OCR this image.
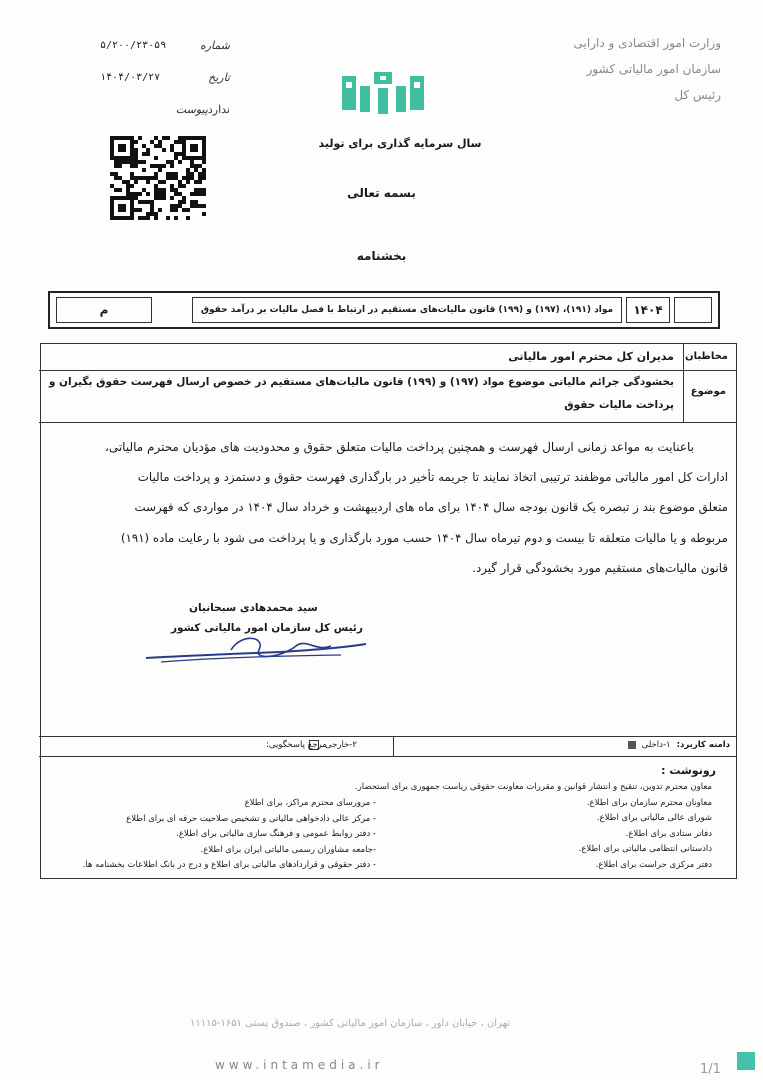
وزارت امور اقتصادی و دارایی
سازمان امور مالیاتی کشور
رئیس کل
۵/۲۰۰/۲۳۰۵۹	شماره
۱۴۰۴/۰۳/۲۷	تاریخ
پیوست ندارد
سال سرمایه گذاری برای تولید
بسمه تعالی
بخشنامه
۱۴۰۴
مواد (۱۹۱)، (۱۹۷) و (۱۹۹) قانون مالیات‌های مستقیم در ارتباط با فصل مالیات بر درآمد حقوق
م
مخاطبان
مدیران کل محترم امور مالیاتی
موضوع
بخشودگی جرائم مالیاتی موضوع مواد (۱۹۷) و (۱۹۹) قانون مالیات‌های مستقیم در خصوص ارسال فهرست حقوق بگیران و
پرداخت مالیات حقوق
باعنایت به مواعد زمانی ارسال فهرست و همچنین پرداخت مالیات متعلق حقوق و محدودیت های مؤدیان محترم مالیاتی،
ادارات کل امور مالیاتی موظفند ترتیبی اتخاذ نمایند تا جریمه تأخیر در بارگذاری فهرست حقوق و دستمزد و پرداخت مالیات
متعلق موضوع بند ز تبصره یک قانون بودجه سال ۱۴۰۴ برای ماه های اردیبهشت و خرداد سال ۱۴۰۴ در مواردی که فهرست
مربوطه و یا مالیات متعلقه تا بیست و دوم تیرماه سال ۱۴۰۴ حسب مورد بارگذاری و یا پرداخت می شود با رعایت ماده (۱۹۱)
قانون مالیات‌های مستقیم مورد بخشودگی قرار گیرد.
سید محمدهادی سبحانیان
رئیس کل سازمان امور مالیاتی کشور
دامنه کاربرد:
۱-داخلی
۲-خارجی
مرجع پاسخگویی:
رونوشت :
معاون محترم تدوین، تنقیح و انتشار قوانین و مقررات معاونت حقوقی ریاست جمهوری برای استحضار.
معاونان محترم سازمان برای اطلاع.
شورای عالی مالیاتی برای اطلاع.
دفاتر ستادی برای اطلاع.
دادستانی انتظامی مالیاتی برای اطلاع.
دفتر مرکزی حراست برای اطلاع.
- مرورسای محترم مراکز، برای اطلاع
- مرکز عالی دادخواهی مالیاتی و تشخیص صلاحیت حرفه ای برای اطلاع
- دفتر روابط عمومی و فرهنگ سازی مالیاتی برای اطلاع.
-جامعه مشاوران رسمی مالیاتی ایران برای اطلاع.
- دفتر حقوقی و قراردادهای مالیاتی برای اطلاع و درج در بانک اطلاعات بخشنامه ها.
تهران ، خیابان داور ، سازمان امور مالیاتی کشور ، صندوق پستی ۱۶۵۱-۱۱۱۱۵
www.intamedia.ir	1/1
